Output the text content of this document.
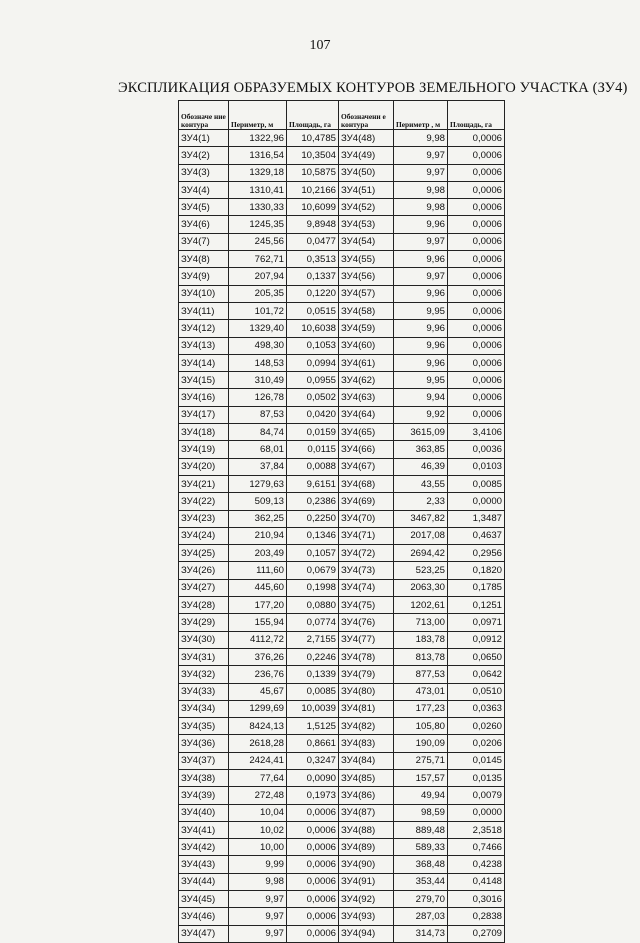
107
ЭКСПЛИКАЦИЯ ОБРАЗУЕМЫХ КОНТУРОВ ЗЕМЕЛЬНОГО УЧАСТКА (ЗУ4)
Обозначе ние контура	Периметр, м	Площадь, га	Обозначени е контура	Периметр , м	Площадь, га
ЗУ4(1)	1322,96	10,4785	ЗУ4(48)	9,98	0,0006
ЗУ4(2)	1316,54	10,3504	ЗУ4(49)	9,97	0,0006
ЗУ4(3)	1329,18	10,5875	ЗУ4(50)	9,97	0,0006
ЗУ4(4)	1310,41	10,2166	ЗУ4(51)	9,98	0,0006
ЗУ4(5)	1330,33	10,6099	ЗУ4(52)	9,98	0,0006
ЗУ4(6)	1245,35	9,8948	ЗУ4(53)	9,96	0,0006
ЗУ4(7)	245,56	0,0477	ЗУ4(54)	9,97	0,0006
ЗУ4(8)	762,71	0,3513	ЗУ4(55)	9,96	0,0006
ЗУ4(9)	207,94	0,1337	ЗУ4(56)	9,97	0,0006
ЗУ4(10)	205,35	0,1220	ЗУ4(57)	9,96	0,0006
ЗУ4(11)	101,72	0,0515	ЗУ4(58)	9,95	0,0006
ЗУ4(12)	1329,40	10,6038	ЗУ4(59)	9,96	0,0006
ЗУ4(13)	498,30	0,1053	ЗУ4(60)	9,96	0,0006
ЗУ4(14)	148,53	0,0994	ЗУ4(61)	9,96	0,0006
ЗУ4(15)	310,49	0,0955	ЗУ4(62)	9,95	0,0006
ЗУ4(16)	126,78	0,0502	ЗУ4(63)	9,94	0,0006
ЗУ4(17)	87,53	0,0420	ЗУ4(64)	9,92	0,0006
ЗУ4(18)	84,74	0,0159	ЗУ4(65)	3615,09	3,4106
ЗУ4(19)	68,01	0,0115	ЗУ4(66)	363,85	0,0036
ЗУ4(20)	37,84	0,0088	ЗУ4(67)	46,39	0,0103
ЗУ4(21)	1279,63	9,6151	ЗУ4(68)	43,55	0,0085
ЗУ4(22)	509,13	0,2386	ЗУ4(69)	2,33	0,0000
ЗУ4(23)	362,25	0,2250	ЗУ4(70)	3467,82	1,3487
ЗУ4(24)	210,94	0,1346	ЗУ4(71)	2017,08	0,4637
ЗУ4(25)	203,49	0,1057	ЗУ4(72)	2694,42	0,2956
ЗУ4(26)	111,60	0,0679	ЗУ4(73)	523,25	0,1820
ЗУ4(27)	445,60	0,1998	ЗУ4(74)	2063,30	0,1785
ЗУ4(28)	177,20	0,0880	ЗУ4(75)	1202,61	0,1251
ЗУ4(29)	155,94	0,0774	ЗУ4(76)	713,00	0,0971
ЗУ4(30)	4112,72	2,7155	ЗУ4(77)	183,78	0,0912
ЗУ4(31)	376,26	0,2246	ЗУ4(78)	813,78	0,0650
ЗУ4(32)	236,76	0,1339	ЗУ4(79)	877,53	0,0642
ЗУ4(33)	45,67	0,0085	ЗУ4(80)	473,01	0,0510
ЗУ4(34)	1299,69	10,0039	ЗУ4(81)	177,23	0,0363
ЗУ4(35)	8424,13	1,5125	ЗУ4(82)	105,80	0,0260
ЗУ4(36)	2618,28	0,8661	ЗУ4(83)	190,09	0,0206
ЗУ4(37)	2424,41	0,3247	ЗУ4(84)	275,71	0,0145
ЗУ4(38)	77,64	0,0090	ЗУ4(85)	157,57	0,0135
ЗУ4(39)	272,48	0,1973	ЗУ4(86)	49,94	0,0079
ЗУ4(40)	10,04	0,0006	ЗУ4(87)	98,59	0,0000
ЗУ4(41)	10,02	0,0006	ЗУ4(88)	889,48	2,3518
ЗУ4(42)	10,00	0,0006	ЗУ4(89)	589,33	0,7466
ЗУ4(43)	9,99	0,0006	ЗУ4(90)	368,48	0,4238
ЗУ4(44)	9,98	0,0006	ЗУ4(91)	353,44	0,4148
ЗУ4(45)	9,97	0,0006	ЗУ4(92)	279,70	0,3016
ЗУ4(46)	9,97	0,0006	ЗУ4(93)	287,03	0,2838
ЗУ4(47)	9,97	0,0006	ЗУ4(94)	314,73	0,2709
